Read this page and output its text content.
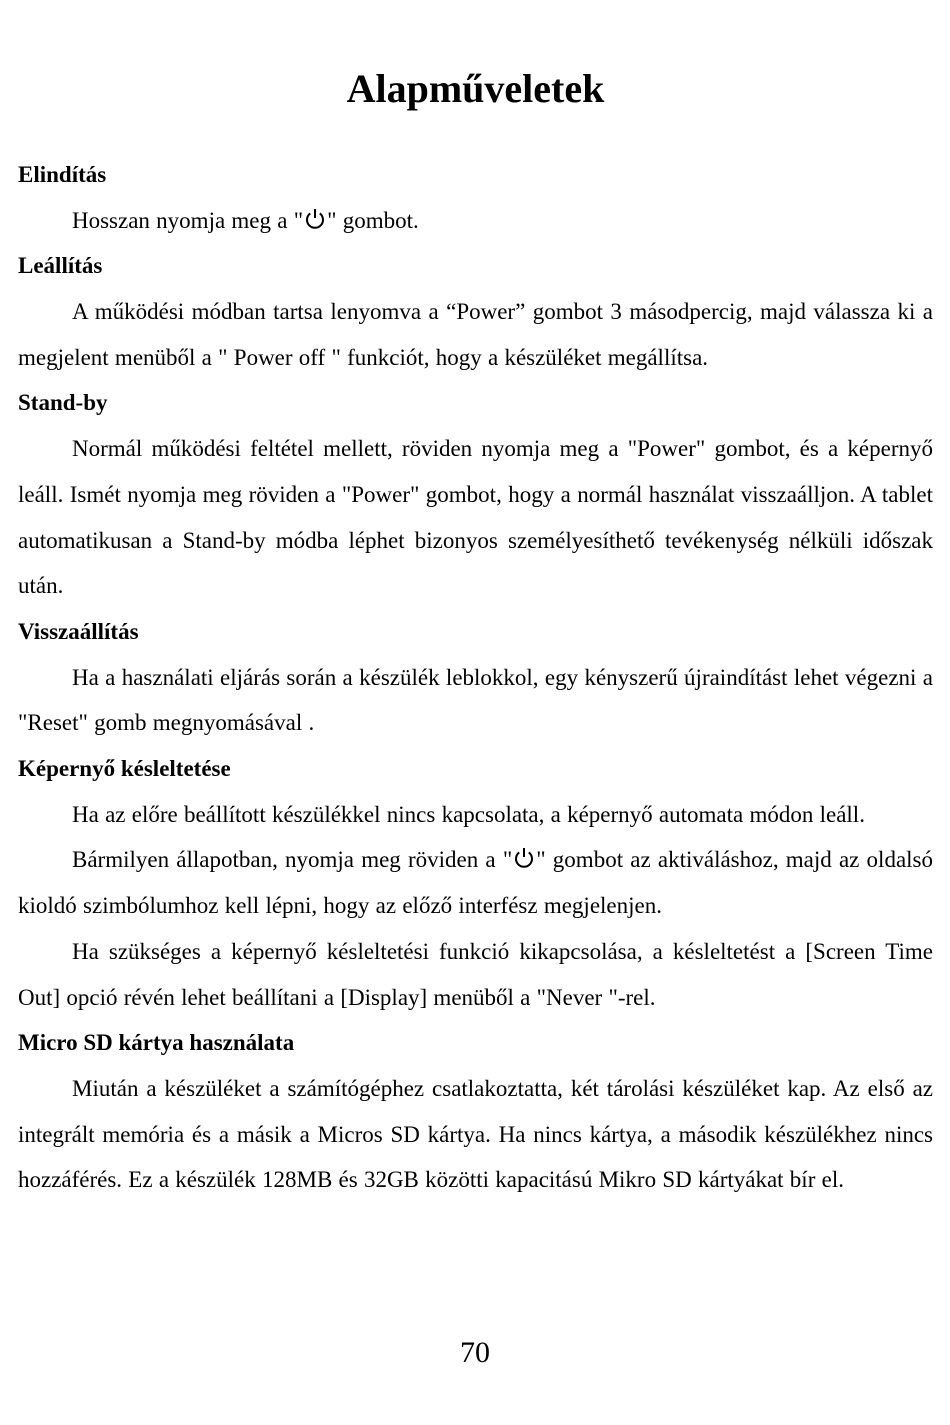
Alapműveletek
Elindítás

Hosszan nyomja meg a " " gombot.

Leállítás

A működési módban tartsa lenyomva a “Power” gombot 3 másodpercig, majd válassza ki a megjelent menüből a " Power off " funkciót, hogy a készüléket megállítsa.

Stand-by

Normál működési feltétel mellett, röviden nyomja meg a "Power" gombot, és a képernyő leáll. Ismét nyomja meg röviden a "Power" gombot, hogy a normál használat visszaálljon. A tablet automatikusan a Stand-by módba léphet bizonyos személyesíthető tevékenység nélküli időszak után.

Visszaállítás

Ha a használati eljárás során a készülék leblokkol, egy kényszerű újraindítást lehet végezni a "Reset" gomb megnyomásával .

Képernyő késleltetése

Ha az előre beállított készülékkel nincs kapcsolata, a képernyő automata módon leáll.

Bármilyen állapotban, nyomja meg röviden a " " gombot az aktiváláshoz, majd az oldalsó kioldó szimbólumhoz kell lépni, hogy az előző interfész megjelenjen.

Ha szükséges a képernyő késleltetési funkció kikapcsolása, a késleltetést a [Screen Time Out] opció révén lehet beállítani a [Display] menüből a "Never "-rel.

Micro SD kártya használata

Miután a készüléket a számítógéphez csatlakoztatta, két tárolási készüléket kap. Az első az integrált memória és a másik a Micros SD kártya. Ha nincs kártya, a második készülékhez nincs hozzáférés. Ez a készülék 128MB és 32GB közötti kapacitású Mikro SD kártyákat bír el.

70
